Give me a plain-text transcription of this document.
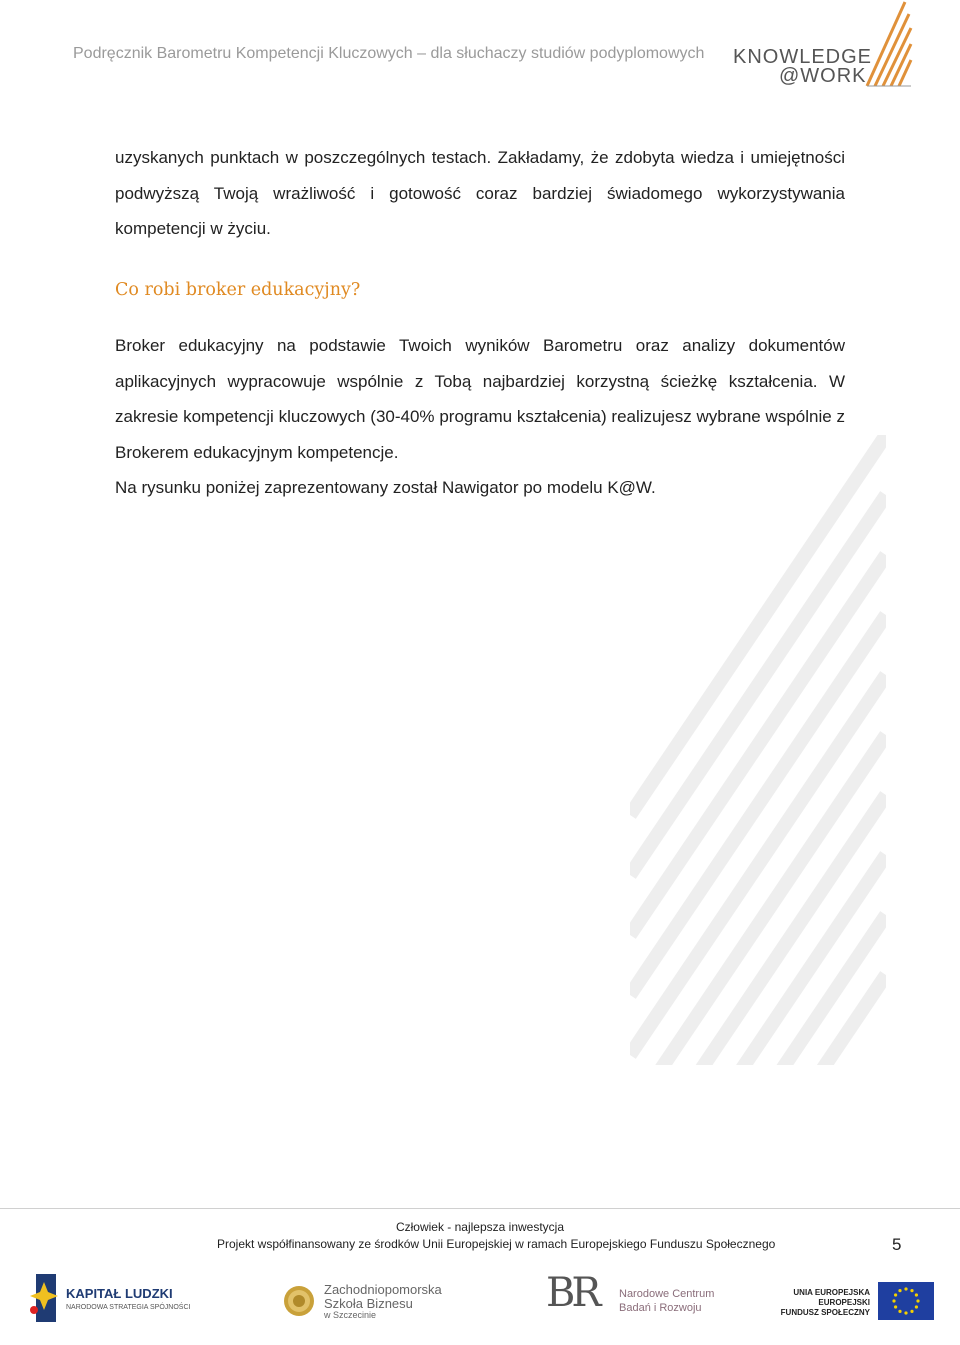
Podręcznik Barometru Kompetencji Kluczowych – dla słuchaczy studiów podyplomowych KNOWLEDGE
@WORK
uzyskanych punktach w poszczególnych testach. Zakładamy, że zdobyta wiedza i umiejętności podwyższą Twoją wrażliwość i gotowość coraz bardziej świadomego wykorzystywania kompetencji w życiu.
Co robi broker edukacyjny?
Broker edukacyjny na podstawie Twoich wyników Barometru oraz analizy dokumentów aplikacyjnych wypracowuje wspólnie z Tobą najbardziej korzystną ścieżkę kształcenia. W zakresie kompetencji kluczowych (30-40% programu kształcenia) realizujesz wybrane wspólnie z Brokerem edukacyjnym kompetencje.
Na rysunku poniżej zaprezentowany został Nawigator po modelu K@W.
Człowiek - najlepsza inwestycja
Projekt współfinansowany ze środków Unii Europejskiej w ramach Europejskiego Funduszu Społecznego	5
KAPITAŁ LUDZKI
NARODOWA STRATEGIA SPÓJNOŚCI
Zachodniopomorska
Szkoła Biznesu
w Szczecinie	BR Narodowe Centrum
Badań i Rozwoju
UNIA EUROPEJSKA
EUROPEJSKI
FUNDUSZ SPOŁECZNY
